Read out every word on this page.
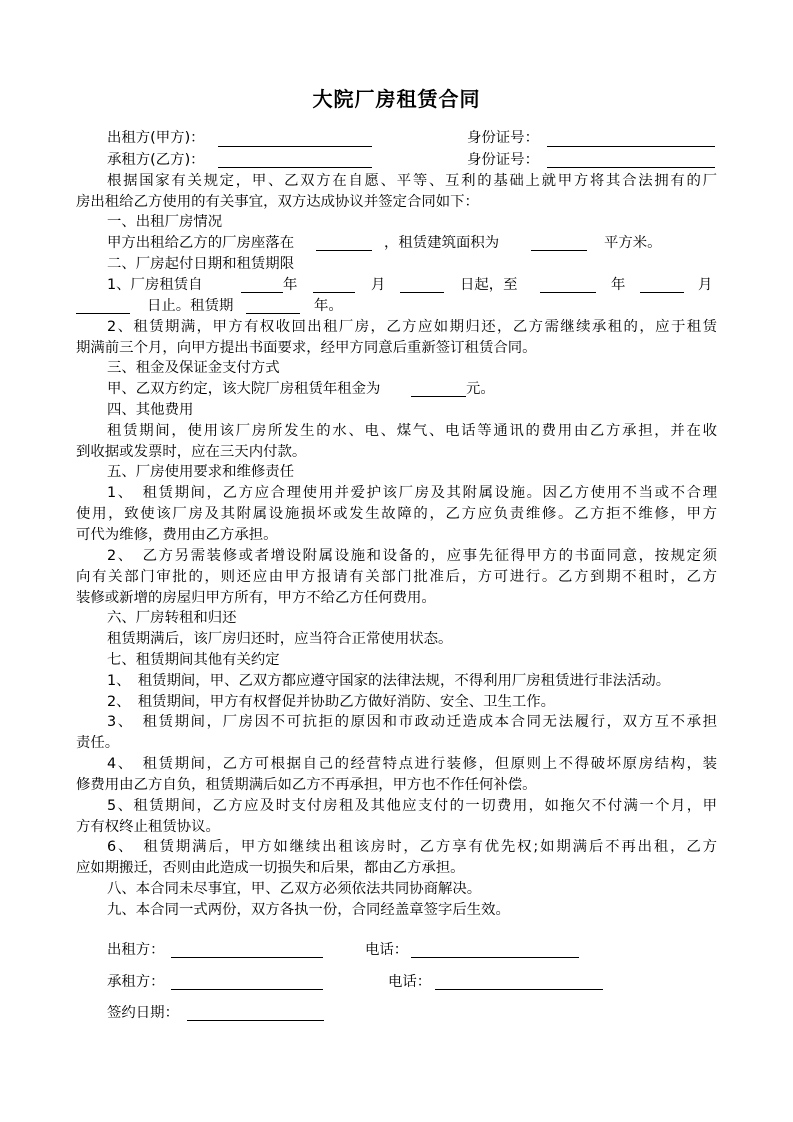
大院厂房租赁合同
出租方(甲方)：	身份证号：
承租方(乙方)：	身份证号：
根据国家有关规定，甲、乙双方在自愿、平等、互利的基础上就甲方将其合法拥有的厂
房出租给乙方使用的有关事宜，双方达成协议并签定合同如下：
一、出租厂房情况
甲方出租给乙方的厂房座落在	，租赁建筑面积为	平方米。
二、厂房起付日期和租赁期限
1、厂房租赁自	年	月	日起，至	年	月
日止。租赁期	年。
2、租赁期满，甲方有权收回出租厂房，乙方应如期归还，乙方需继续承租的，应于租赁
期满前三个月，向甲方提出书面要求，经甲方同意后重新签订租赁合同。
三、租金及保证金支付方式
甲、乙双方约定，该大院厂房租赁年租金为	元。
四、其他费用
租赁期间，使用该厂房所发生的水、电、煤气、电话等通讯的费用由乙方承担，并在收
到收据或发票时，应在三天内付款。
五、厂房使用要求和维修责任
1、　租赁期间，乙方应合理使用并爱护该厂房及其附属设施。因乙方使用不当或不合理
使用，致使该厂房及其附属设施损坏或发生故障的，乙方应负责维修。乙方拒不维修，甲方
可代为维修，费用由乙方承担。
2、　乙方另需装修或者增设附属设施和设备的，应事先征得甲方的书面同意，按规定须
向有关部门审批的，则还应由甲方报请有关部门批准后，方可进行。乙方到期不租时，乙方
装修或新增的房屋归甲方所有，甲方不给乙方任何费用。
六、厂房转租和归还
租赁期满后，该厂房归还时，应当符合正常使用状态。
七、租赁期间其他有关约定
1、　租赁期间，甲、乙双方都应遵守国家的法律法规，不得利用厂房租赁进行非法活动。
2、　租赁期间，甲方有权督促并协助乙方做好消防、安全、卫生工作。
3、　租赁期间，厂房因不可抗拒的原因和市政动迁造成本合同无法履行，双方互不承担
责任。
4、　租赁期间，乙方可根据自己的经营特点进行装修，但原则上不得破坏原房结构，装
修费用由乙方自负，租赁期满后如乙方不再承担，甲方也不作任何补偿。
5、租赁期间，乙方应及时支付房租及其他应支付的一切费用，如拖欠不付满一个月，甲
方有权终止租赁协议。
6、　租赁期满后，甲方如继续出租该房时，乙方享有优先权;如期满后不再出租，乙方
应如期搬迁，否则由此造成一切损失和后果，都由乙方承担。
八、本合同未尽事宜，甲、乙双方必须依法共同协商解决。
九、本合同一式两份，双方各执一份，合同经盖章签字后生效。
出租方：	电话：
承租方：	电话：
签约日期：
